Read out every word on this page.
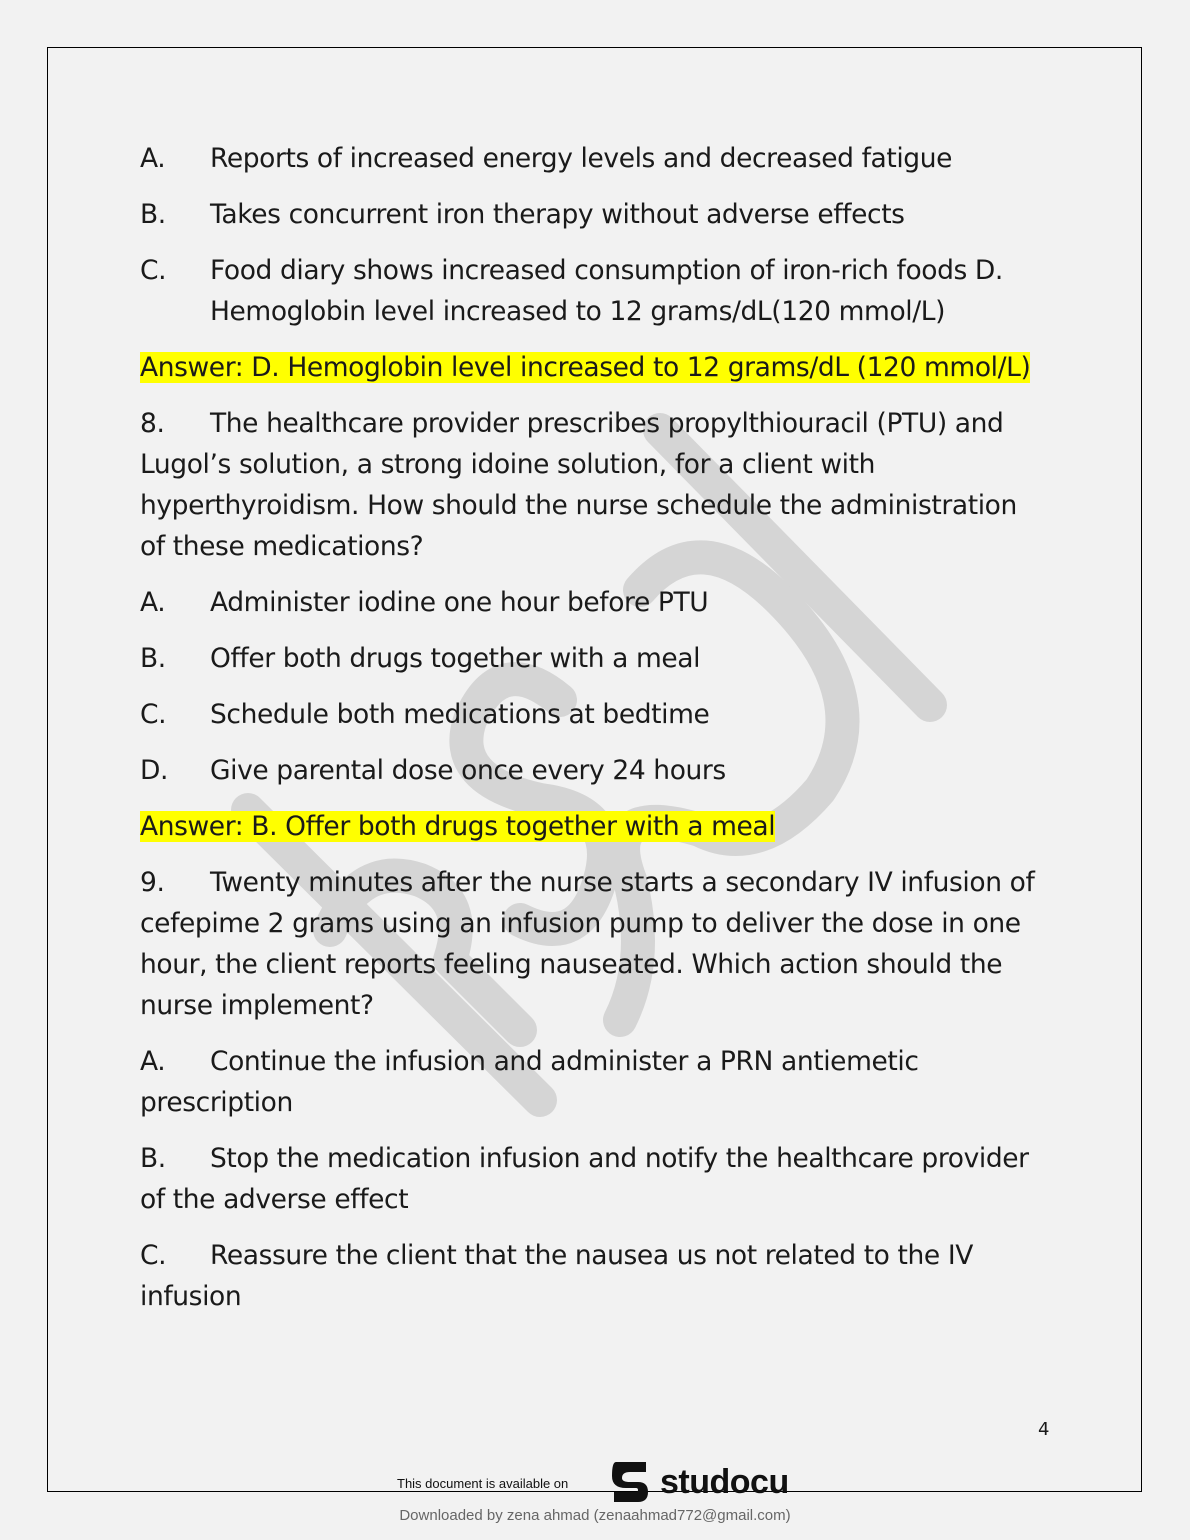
A.	Reports of increased energy levels and decreased fatigue
B.	Takes concurrent iron therapy without adverse effects
C.	Food diary shows increased consumption of iron-rich foods D. Hemoglobin level increased to 12 grams/dL(120 mmol/L)
Answer: D. Hemoglobin level increased to 12 grams/dL (120 mmol/L)
8. The healthcare provider prescribes propylthiouracil (PTU) and Lugol’s solution, a strong idoine solution, for a client with hyperthyroidism. How should the nurse schedule the administration of these medications?
A.	Administer iodine one hour before PTU
B.	Offer both drugs together with a meal
C.	Schedule both medications at bedtime
D.	Give parental dose once every 24 hours
Answer: B. Offer both drugs together with a meal
9. Twenty minutes after the nurse starts a secondary IV infusion of cefepime 2 grams using an infusion pump to deliver the dose in one hour, the client reports feeling nauseated. Which action should the nurse implement?
A. Continue the infusion and administer a PRN antiemetic prescription
B. Stop the medication infusion and notify the healthcare provider of the adverse effect
C. Reassure the client that the nausea us not related to the IV infusion
4
This document is available on	studocu
Downloaded by zena ahmad (zenaahmad772@gmail.com)
